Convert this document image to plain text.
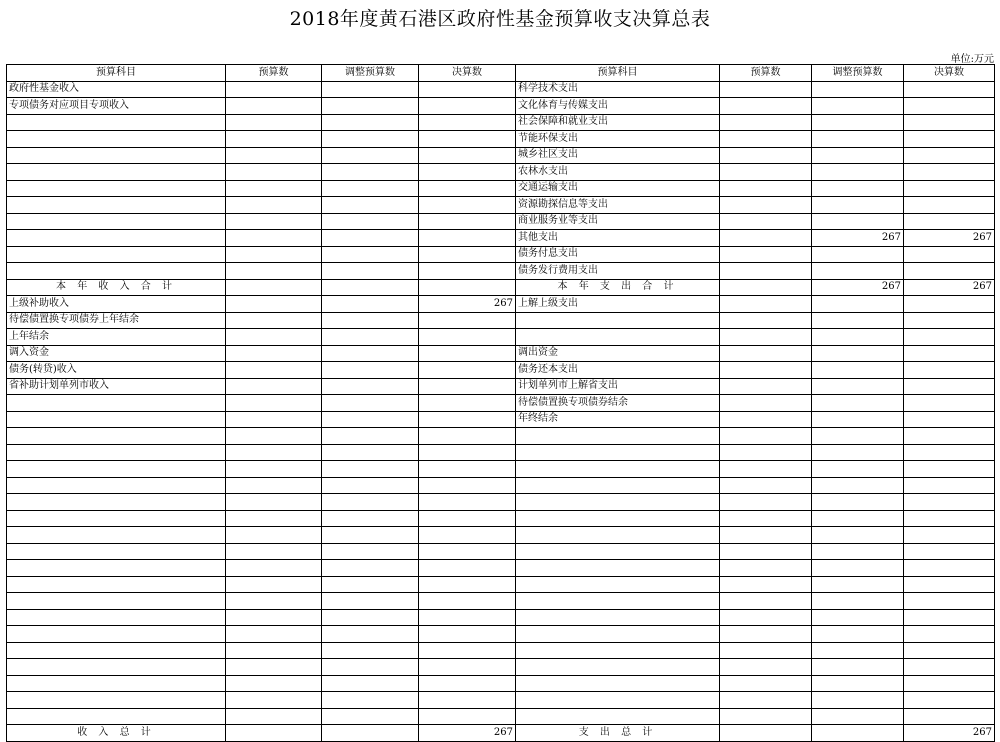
2018年度黄石港区政府性基金预算收支决算总表
单位:万元
预算科目	预算数	调整预算数	决算数	预算科目	预算数	调整预算数	决算数
政府性基金收入				科学技术支出			
专项债务对应项目专项收入				文化体育与传媒支出			
				社会保障和就业支出			
				节能环保支出			
				城乡社区支出			
				农林水支出			
				交通运输支出			
				资源勘探信息等支出			
				商业服务业等支出			
				其他支出		267	267
				债务付息支出			
				债务发行费用支出			
本 年 收 入 合 计				本 年 支 出 合 计		267	267
上级补助收入			267	上解上级支出			
待偿债置换专项债券上年结余							
上年结余							
调入资金				调出资金			
债务(转贷)收入				债务还本支出			
省补助计划单列市收入				计划单列市上解省支出			
				待偿债置换专项债券结余			
				年终结余			

收 入 总 计			267	支 出 总 计			267
